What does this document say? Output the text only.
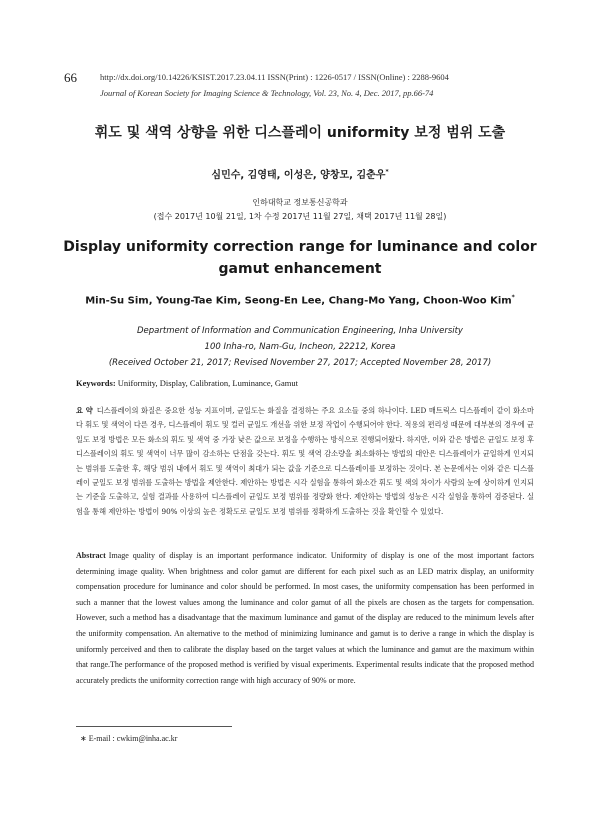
66	http://dx.doi.org/10.14226/KSIST.2017.23.04.11 ISSN(Print) : 1226-0517 / ISSN(Online) : 2288-9604
Journal of Korean Society for Imaging Science & Technology, Vol. 23, No. 4, Dec. 2017, pp.66-74
휘도 및 색역 상향을 위한 디스플레이 uniformity 보정 범위 도출
심민수, 김영태, 이성은, 양창모, 김춘우*
인하대학교 정보통신공학과
(접수 2017년 10월 21일, 1차 수정 2017년 11월 27일, 채택 2017년 11월 28일)
Display uniformity correction range for luminance and color gamut enhancement
Min-Su Sim, Young-Tae Kim, Seong-En Lee, Chang-Mo Yang, Choon-Woo Kim*
Department of Information and Communication Engineering, Inha University
100 Inha-ro, Nam-Gu, Incheon, 22212, Korea
(Received October 21, 2017; Revised November 27, 2017; Accepted November 28, 2017)
Keywords: Uniformity, Display, Calibration, Luminance, Gamut
요 약 디스플레이의 화질은 중요한 성능 지표이며, 균일도는 화질을 결정하는 주요 요소들 중의 하나이다. LED 매트릭스 디스플레이 같이 화소마다 휘도 및 색역이 다른 경우, 디스플레이 휘도 및 컬러 균일도 개선을 위한 보정 작업이 수행되어야 한다. 적용의 편리성 때문에 대부분의 경우에 균일도 보정 방법은 모든 화소의 휘도 및 색역 중 가장 낮은 값으로 보정을 수행하는 방식으로 진행되어왔다. 하지만, 이와 같은 방법은 균일도 보정 후 디스플레이의 휘도 및 색역이 너무 많이 감소하는 단점을 갖는다. 휘도 및 색역 감소량을 최소화하는 방법의 대안은 디스플레이가 균일하게 인지되는 범위를 도출한 후, 해당 범위 내에서 휘도 및 색역이 최대가 되는 값을 기준으로 디스플레이를 보정하는 것이다. 본 논문에서는 이와 같은 디스플레이 균일도 보정 범위를 도출하는 방법을 제안한다. 제안하는 방법은 시각 실험을 통하여 화소간 휘도 및 색의 차이가 사람의 눈에 상이하게 인지되는 기준을 도출하고, 실험 결과를 사용하여 디스플레이 균일도 보정 범위를 정량화 한다. 제안하는 방법의 성능은 시각 실험을 통하여 검증된다. 실험을 통해 제안하는 방법이 90% 이상의 높은 정확도로 균일도 보정 범위를 정확하게 도출하는 것을 확인할 수 있었다.
Abstract Image quality of display is an important performance indicator. Uniformity of display is one of the most important factors determining image quality. When brightness and color gamut are different for each pixel such as an LED matrix display, an uniformity compensation procedure for luminance and color should be performed. In most cases, the uniformity compensation has been performed in such a manner that the lowest values among the luminance and color gamut of all the pixels are chosen as the targets for compensation. However, such a method has a disadvantage that the maximum luminance and gamut of the display are reduced to the minimum levels after the uniformity compensation. An alternative to the method of minimizing luminance and gamut is to derive a range in which the display is uniformly perceived and then to calibrate the display based on the target values at which the luminance and gamut are the maximum within that range.The performance of the proposed method is verified by visual experiments. Experimental results indicate that the proposed method accurately predicts the uniformity correction range with high accuracy of 90% or more.
∗ E-mail : cwkim@inha.ac.kr
